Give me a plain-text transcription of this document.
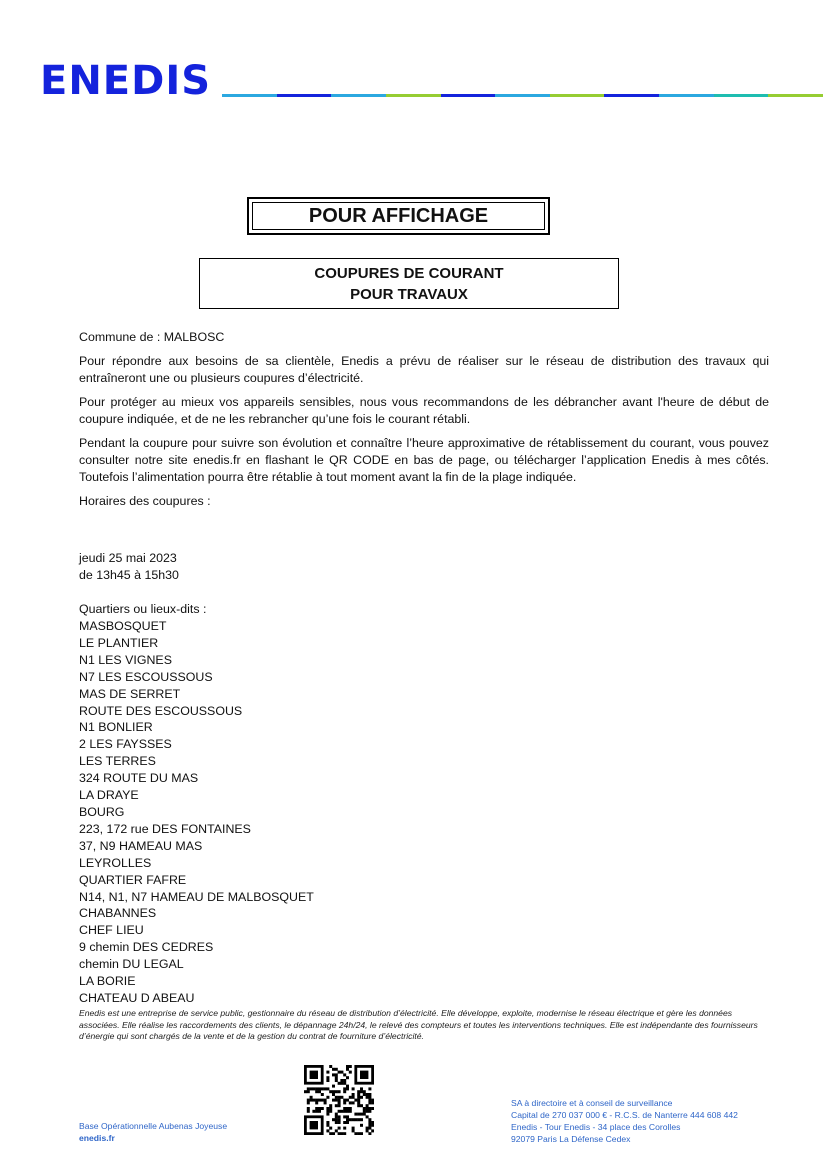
ENEDIS
POUR AFFICHAGE
COUPURES DE COURANT
POUR TRAVAUX

Commune de : MALBOSC

Pour répondre aux besoins de sa clientèle, Enedis a prévu de réaliser sur le réseau de distribution des travaux qui entraîneront une ou plusieurs coupures d’électricité.

Pour protéger au mieux vos appareils sensibles, nous vous recommandons de les débrancher avant l'heure de début de coupure indiquée, et de ne les rebrancher qu’une fois le courant rétabli.

Pendant la coupure pour suivre son évolution et connaître l’heure approximative de rétablissement du courant, vous pouvez consulter notre site enedis.fr en flashant le QR CODE en bas de page, ou télécharger l’application Enedis à mes côtés. Toutefois l’alimentation pourra être rétablie à tout moment avant la fin de la plage indiquée.

Horaires des coupures :

jeudi 25 mai 2023
de 13h45 à 15h30
Quartiers ou lieux-dits :
MASBOSQUET
LE PLANTIER
N1 LES VIGNES
N7 LES ESCOUSSOUS
MAS DE SERRET
ROUTE DES ESCOUSSOUS
N1 BONLIER
2 LES FAYSSES
LES TERRES
324 ROUTE DU MAS
LA DRAYE
BOURG
223, 172 rue DES FONTAINES
37, N9 HAMEAU MAS
LEYROLLES
QUARTIER FAFRE
N14, N1, N7 HAMEAU DE MALBOSQUET
CHABANNES
CHEF LIEU
9 chemin DES CEDRES
chemin DU LEGAL
LA BORIE
CHATEAU D ABEAU
Enedis est une entreprise de service public, gestionnaire du réseau de distribution d’électricité. Elle développe, exploite, modernise le réseau électrique et gère les données associées. Elle réalise les raccordements des clients, le dépannage 24h/24, le relevé des compteurs et toutes les interventions techniques. Elle est indépendante des fournisseurs d’énergie qui sont chargés de la vente et de la gestion du contrat de fourniture d’électricité.
Base Opérationnelle Aubenas Joyeuse
enedis.fr
SA à directoire et à conseil de surveillance
Capital de 270 037 000 € - R.C.S. de Nanterre 444 608 442
Enedis - Tour Enedis - 34 place des Corolles
92079 Paris La Défense Cedex
